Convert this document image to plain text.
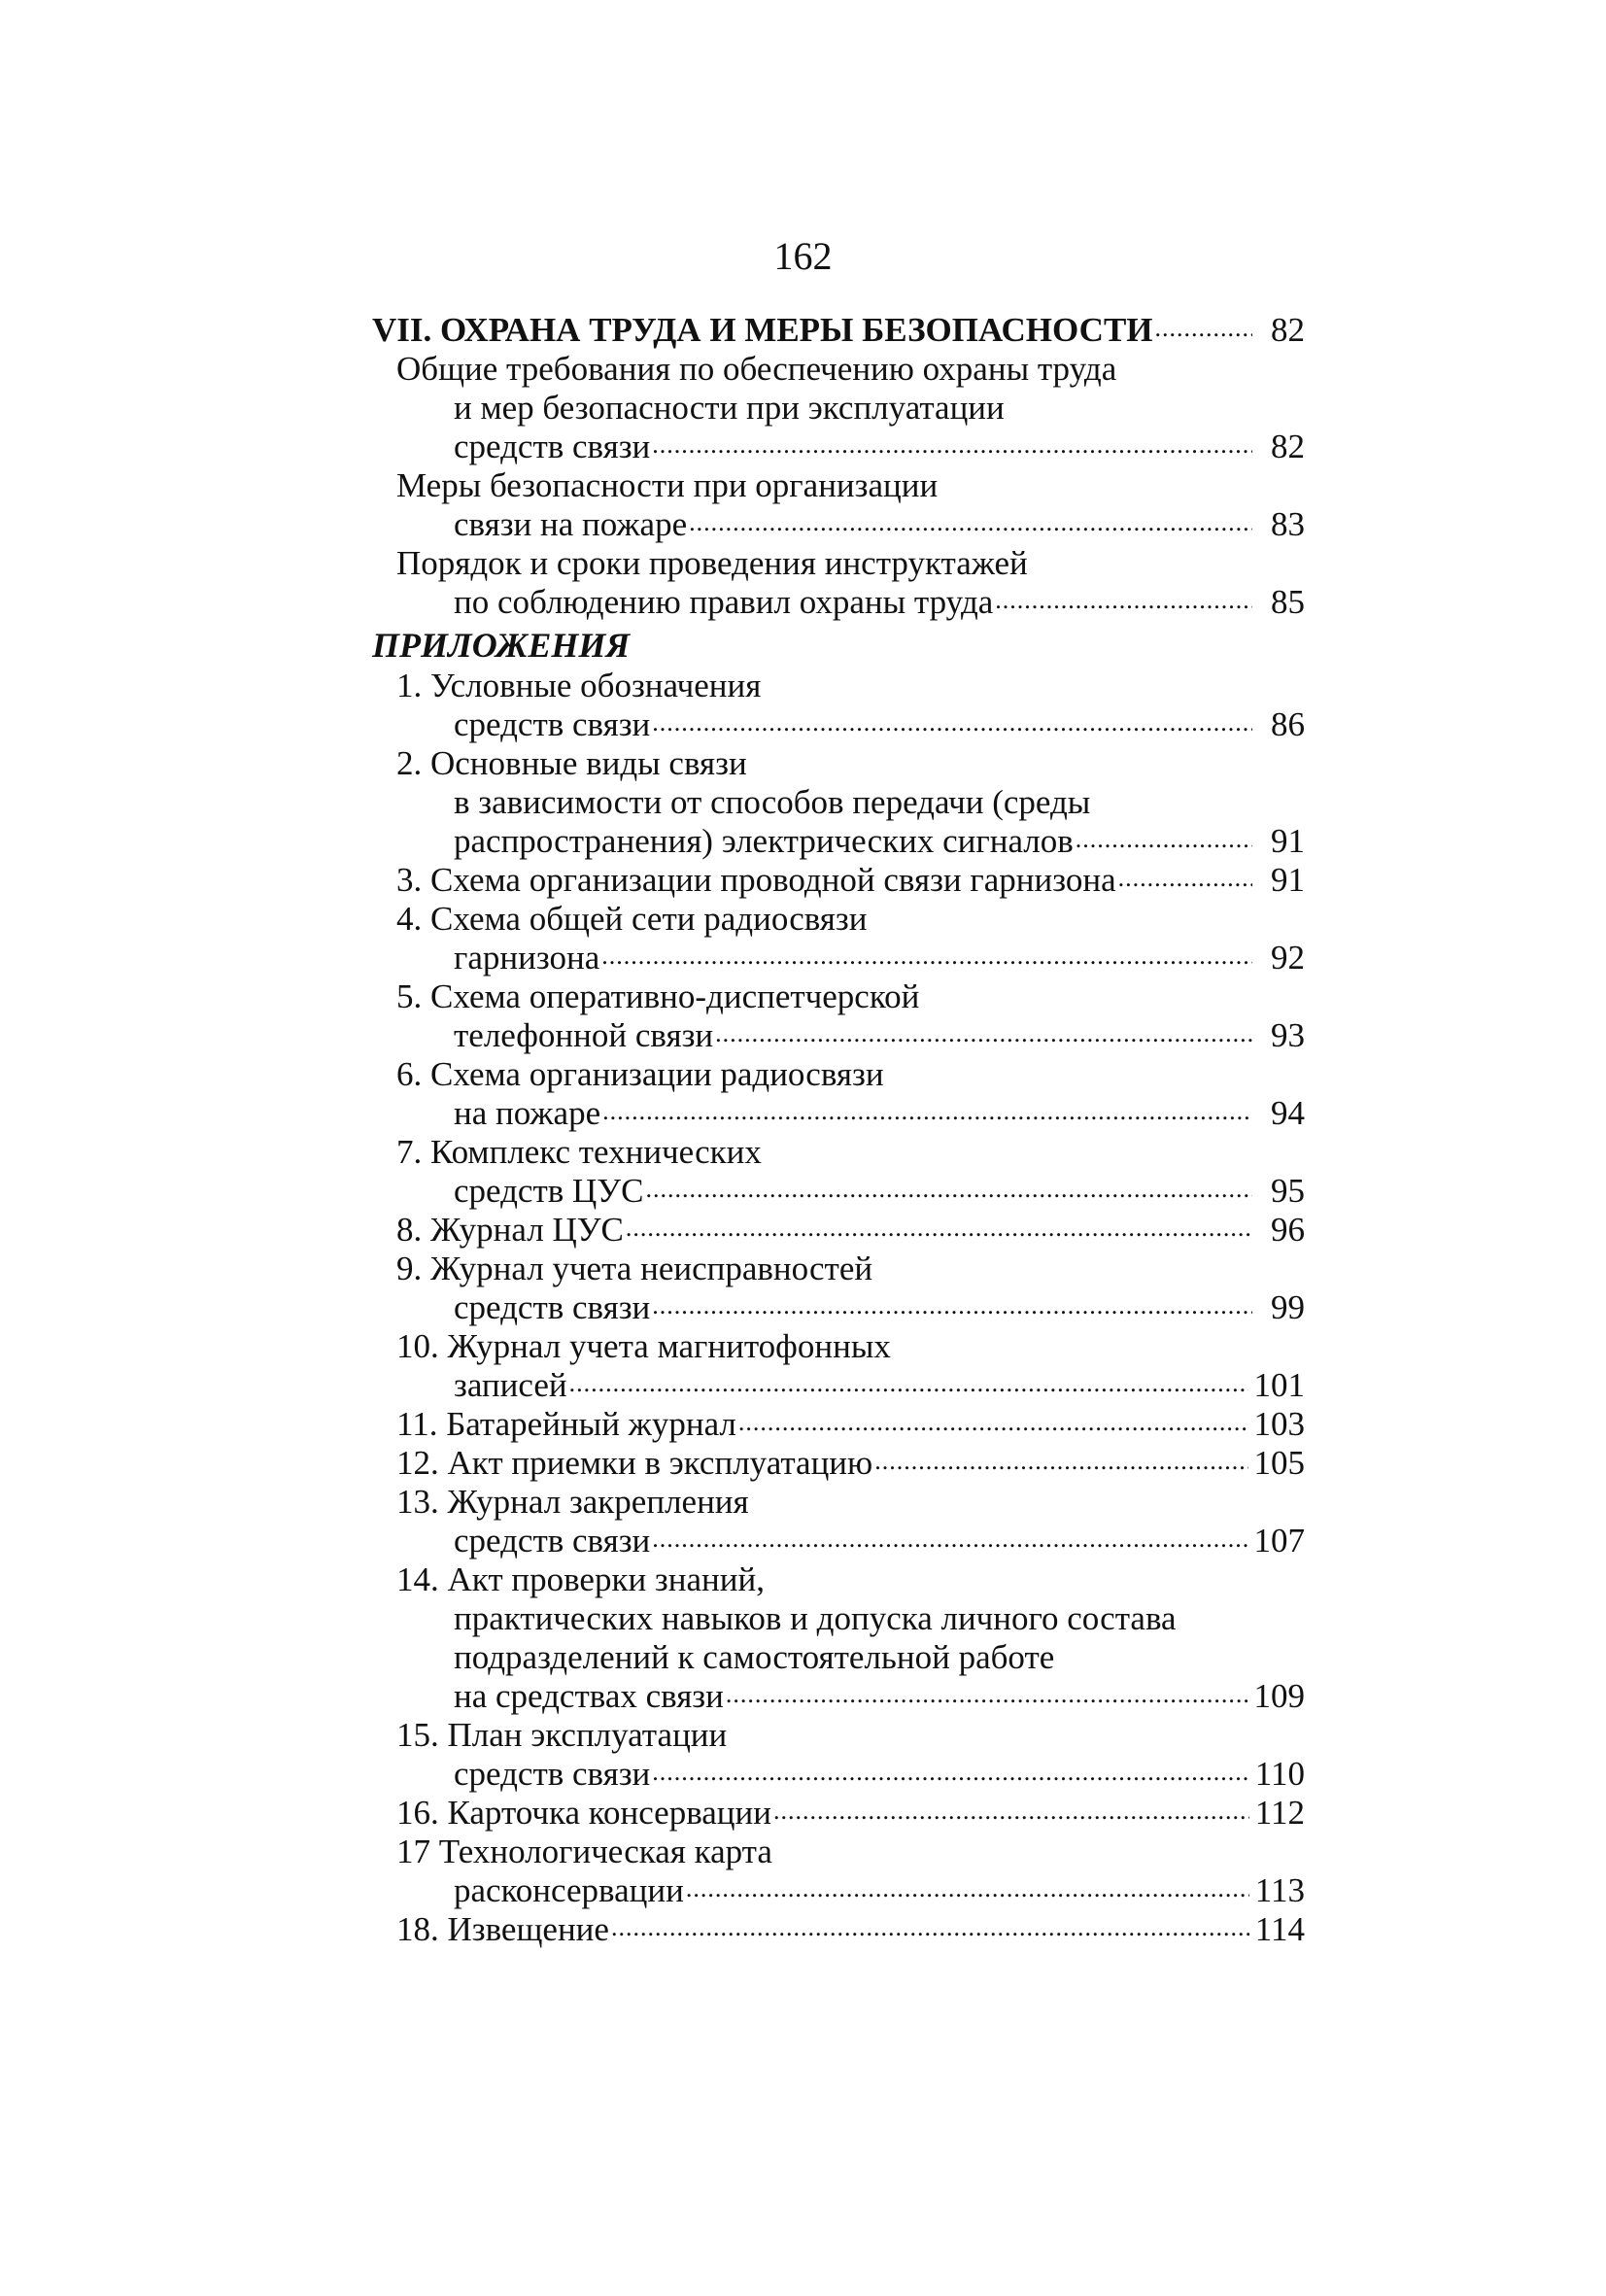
162
VII. ОХРАНА ТРУДА И МЕРЫ БЕЗОПАСНОСТИ .....	82
Общие требования по обеспечению охраны труда
и мер безопасности при эксплуатации
средств связи .....	82
Меры безопасности при организации
связи на пожаре .....	83
Порядок и сроки проведения инструктажей
по соблюдению правил охраны труда .....	85
ПРИЛОЖЕНИЯ
1.
Условные обозначения
средств связи .....	86
2.
Основные виды связи
в зависимости от способов передачи (среды
распространения) электрических сигналов .....	91
3.
Схема организации проводной связи гарнизона .....	91
4.
Схема общей сети радиосвязи
гарнизона .....	92
5.
Схема оперативно-диспетчерской
телефонной связи .....	93
6.
Схема организации радиосвязи
на пожаре .....	94
7.
Комплекс технических
средств ЦУС .....	95
8.
Журнал ЦУС .....	96
9.
Журнал учета неисправностей
средств связи .....	99
10.
Журнал учета магнитофонных
записей .....	101
11.
Батарейный журнал .....	103
12.
Акт приемки в эксплуатацию .....	105
13.
Журнал закрепления
средств связи .....	107
14.
Акт проверки знаний,
практических навыков и допуска личного состава
подразделений к самостоятельной работе
на средствах связи .....	109
15.
План эксплуатации
средств связи .....	110
16.
Карточка консервации .....	112
17
Технологическая карта
расконсервации .....	113
18.
Извещение .....	114
